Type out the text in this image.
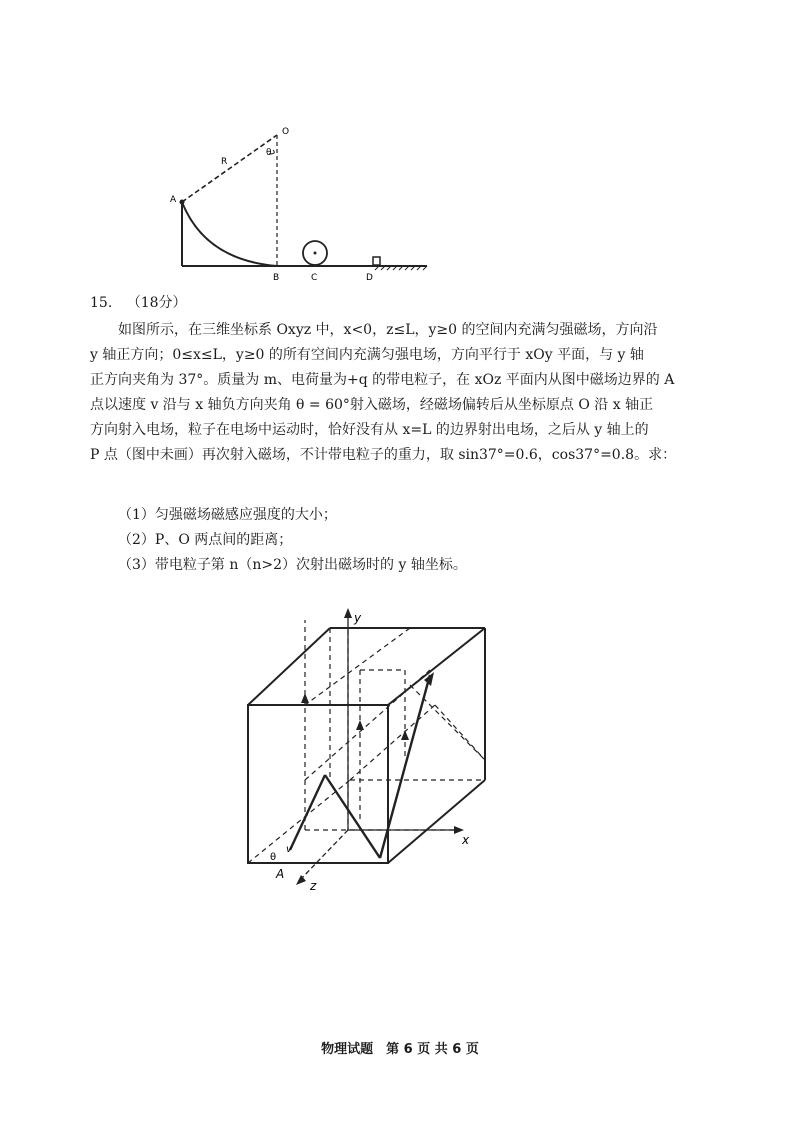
O
R
θ
A
B	C	D
15. （18分）
如图所示，在三维坐标系 Oxyz 中，x<0，z≤L，y≥0 的空间内充满匀强磁场，方向沿
y 轴正方向；0≤x≤L，y≥0 的所有空间内充满匀强电场，方向平行于 xOy 平面，与 y 轴
正方向夹角为 37°。质量为 m、电荷量为+q 的带电粒子，在 xOz 平面内从图中磁场边界的 A
点以速度 v 沿与 x 轴负方向夹角 θ = 60°射入磁场，经磁场偏转后从坐标原点 O 沿 x 轴正
方向射入电场，粒子在电场中运动时，恰好没有从 x=L 的边界射出电场，之后从 y 轴上的
P 点（图中未画）再次射入磁场，不计带电粒子的重力，取 sin37°=0.6，cos37°=0.8。求：
（1）匀强磁场磁感应强度的大小；
（2）P、O 两点间的距离；
（3）带电粒子第 n（n>2）次射出磁场时的 y 轴坐标。
y
x
z
A
v
θ
物理试题　第 6 页 共 6 页
